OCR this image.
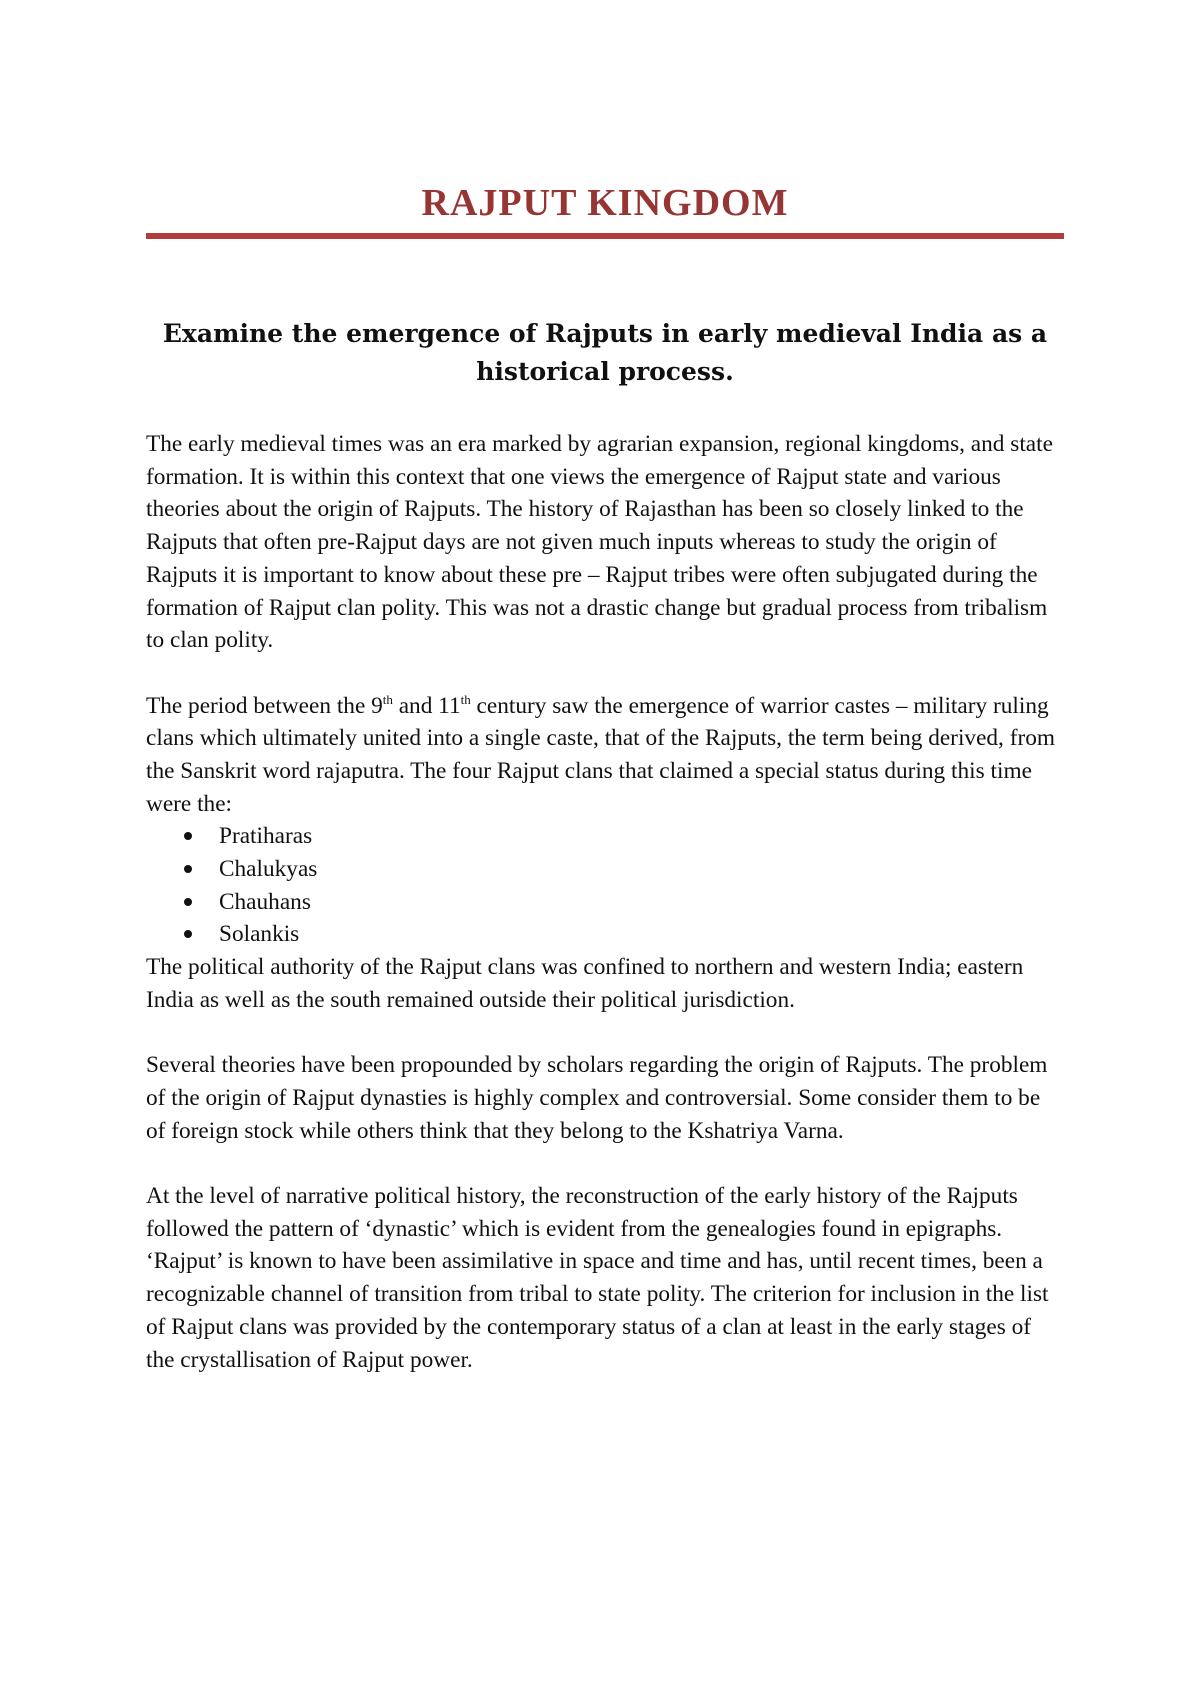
RAJPUT KINGDOM
Examine the emergence of Rajputs in early medieval India as a historical process.

The early medieval times was an era marked by agrarian expansion, regional kingdoms, and state formation. It is within this context that one views the emergence of Rajput state and various theories about the origin of Rajputs. The history of Rajasthan has been so closely linked to the Rajputs that often pre-Rajput days are not given much inputs whereas to study the origin of Rajputs it is important to know about these pre – Rajput tribes were often subjugated during the formation of Rajput clan polity. This was not a drastic change but gradual process from tribalism to clan polity.

The period between the 9th and 11th century saw the emergence of warrior castes – military ruling clans which ultimately united into a single caste, that of the Rajputs, the term being derived, from the Sanskrit word rajaputra. The four Rajput clans that claimed a special status during this time were the:

Pratiharas
Chalukyas
Chauhans
Solankis

The political authority of the Rajput clans was confined to northern and western India; eastern India as well as the south remained outside their political jurisdiction.

Several theories have been propounded by scholars regarding the origin of Rajputs. The problem of the origin of Rajput dynasties is highly complex and controversial. Some consider them to be of foreign stock while others think that they belong to the Kshatriya Varna.

At the level of narrative political history, the reconstruction of the early history of the Rajputs followed the pattern of ‘dynastic’ which is evident from the genealogies found in epigraphs. ‘Rajput’ is known to have been assimilative in space and time and has, until recent times, been a recognizable channel of transition from tribal to state polity. The criterion for inclusion in the list of Rajput clans was provided by the contemporary status of a clan at least in the early stages of the crystallisation of Rajput power.
